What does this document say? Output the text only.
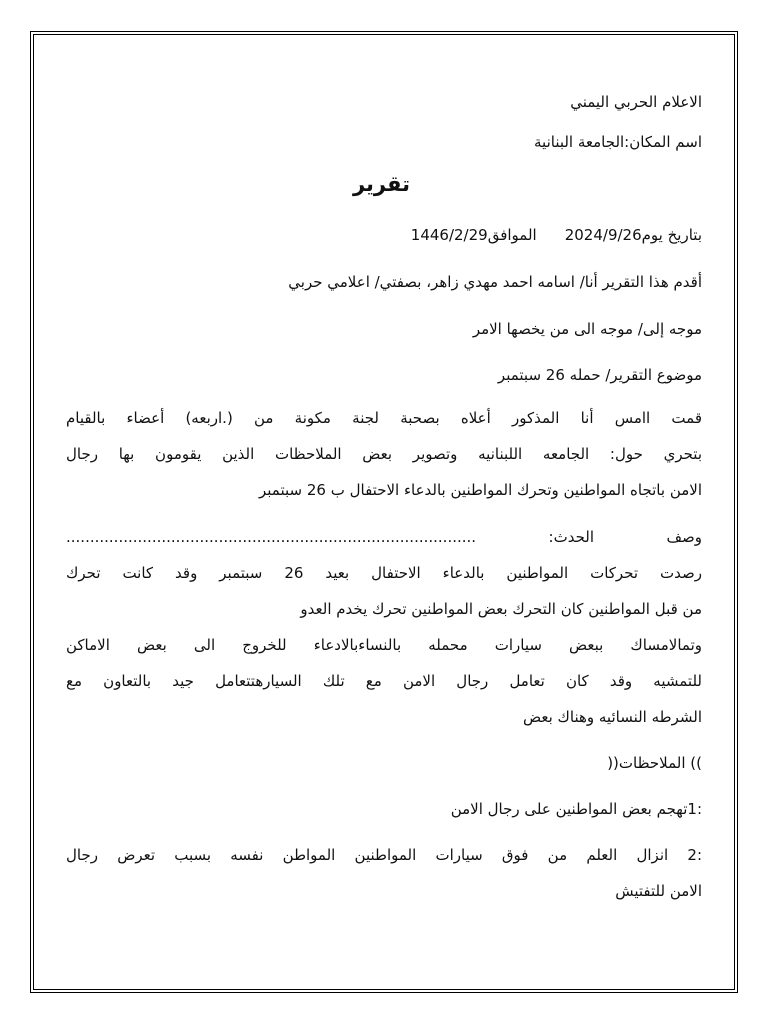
الاعلام الحربي اليمني
اسم المكان:الجامعة البنانية
تقرير
بتاريخ يوم2024/9/26الموافق1446/2/29
أقدم هذا التقرير أنا/ اسامه احمد مهدي زاهر، بصفتي/ اعلامي حربي
موجه إلى/ موجه الى من يخصها الامر
موضوع التقرير/ حمله 26 سبتمبر
قمت اامس أنا المذكور أعلاه بصحبة لجنة مكونة من (.اربعه) أعضاء بالقيام
بتحري حول: الجامعه اللبنانيه وتصوير بعض الملاحظات الذين يقومون بها رجال
الامن باتجاه المواطنين وتحرك المواطنين بالدعاء الاحتفال ب 26 سبتمبر
وصف الحدث: ......................................................................................
رصدت تحركات المواطنين بالدعاء الاحتفال بعيد 26 سبتمبر وقد كانت تحرك
من قبل المواطنين كان التحرك بعض المواطنين تحرك يخدم العدو
وتمالامساك ببعض سيارات محمله بالنساءبالادعاء للخروج الى بعض الاماكن
للتمشيه وقد كان تعامل رجال الامن مع تلك السيارهتتعامل جيد بالتعاون مع
الشرطه النسائيه وهناك بعض
)) الملاحظات((
:1تهجم بعض المواطنين على رجال الامن
:2 انزال العلم من فوق سيارات المواطنين المواطن نفسه بسبب تعرض رجال
الامن للتفتيش
